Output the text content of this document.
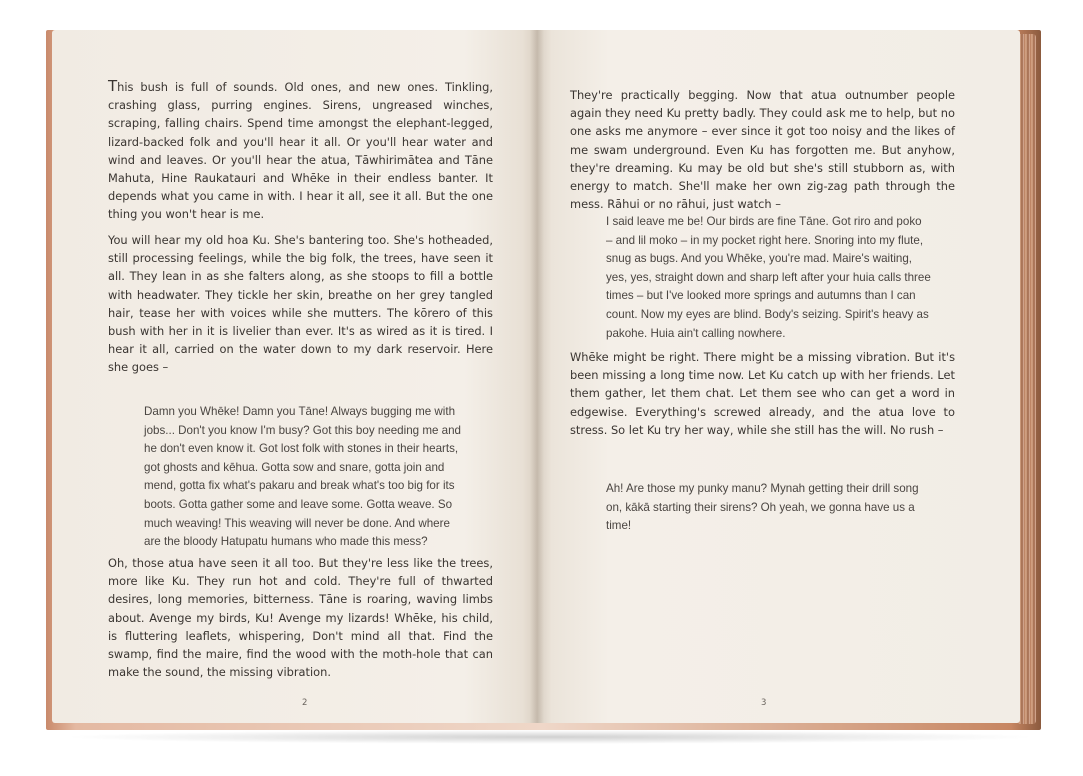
This bush is full of sounds. Old ones, and new ones. Tinkling, crashing glass, purring engines. Sirens, ungreased winches, scraping, falling chairs. Spend time amongst the elephant-legged, lizard-backed folk and you'll hear it all. Or you'll hear water and wind and leaves. Or you'll hear the atua, Tāwhirimātea and Tāne Mahuta, Hine Raukatauri and Whēke in their endless banter. It depends what you came in with. I hear it all, see it all. But the one thing you won't hear is me.

You will hear my old hoa Ku. She's bantering too. She's hotheaded, still processing feelings, while the big folk, the trees, have seen it all. They lean in as she falters along, as she stoops to fill a bottle with headwater. They tickle her skin, breathe on her grey tangled hair, tease her with voices while she mutters. The kōrero of this bush with her in it is livelier than ever. It's as wired as it is tired. I hear it all, carried on the water down to my dark reservoir. Here she goes –

Damn you Whēke! Damn you Tāne! Always bugging me with jobs... Don't you know I'm busy? Got this boy needing me and he don't even know it. Got lost folk with stones in their hearts, got ghosts and kēhua. Gotta sow and snare, gotta join and mend, gotta fix what's pakaru and break what's too big for its boots. Gotta gather some and leave some. Gotta weave. So much weaving! This weaving will never be done. And where are the bloody Hatupatu humans who made this mess?

Oh, those atua have seen it all too. But they're less like the trees, more like Ku. They run hot and cold. They're full of thwarted desires, long memories, bitterness. Tāne is roaring, waving limbs about. Avenge my birds, Ku! Avenge my lizards! Whēke, his child, is fluttering leaflets, whispering, Don't mind all that. Find the swamp, find the maire, find the wood with the moth-hole that can make the sound, the missing vibration.

2

They're practically begging. Now that atua outnumber people again they need Ku pretty badly. They could ask me to help, but no one asks me anymore – ever since it got too noisy and the likes of me swam underground. Even Ku has forgotten me. But anyhow, they're dreaming. Ku may be old but she's still stubborn as, with energy to match. She'll make her own zig-zag path through the mess. Rāhui or no rāhui, just watch –

I said leave me be! Our birds are fine Tāne. Got riro and poko – and lil moko – in my pocket right here. Snoring into my flute, snug as bugs. And you Whēke, you're mad. Maire's waiting, yes, yes, straight down and sharp left after your huia calls three times – but I've looked more springs and autumns than I can count. Now my eyes are blind. Body's seizing. Spirit's heavy as pakohe. Huia ain't calling nowhere.

Whēke might be right. There might be a missing vibration. But it's been missing a long time now. Let Ku catch up with her friends. Let them gather, let them chat. Let them see who can get a word in edgewise. Everything's screwed already, and the atua love to stress. So let Ku try her way, while she still has the will. No rush –

Ah! Are those my punky manu? Mynah getting their drill song on, kākā starting their sirens? Oh yeah, we gonna have us a time!

3
